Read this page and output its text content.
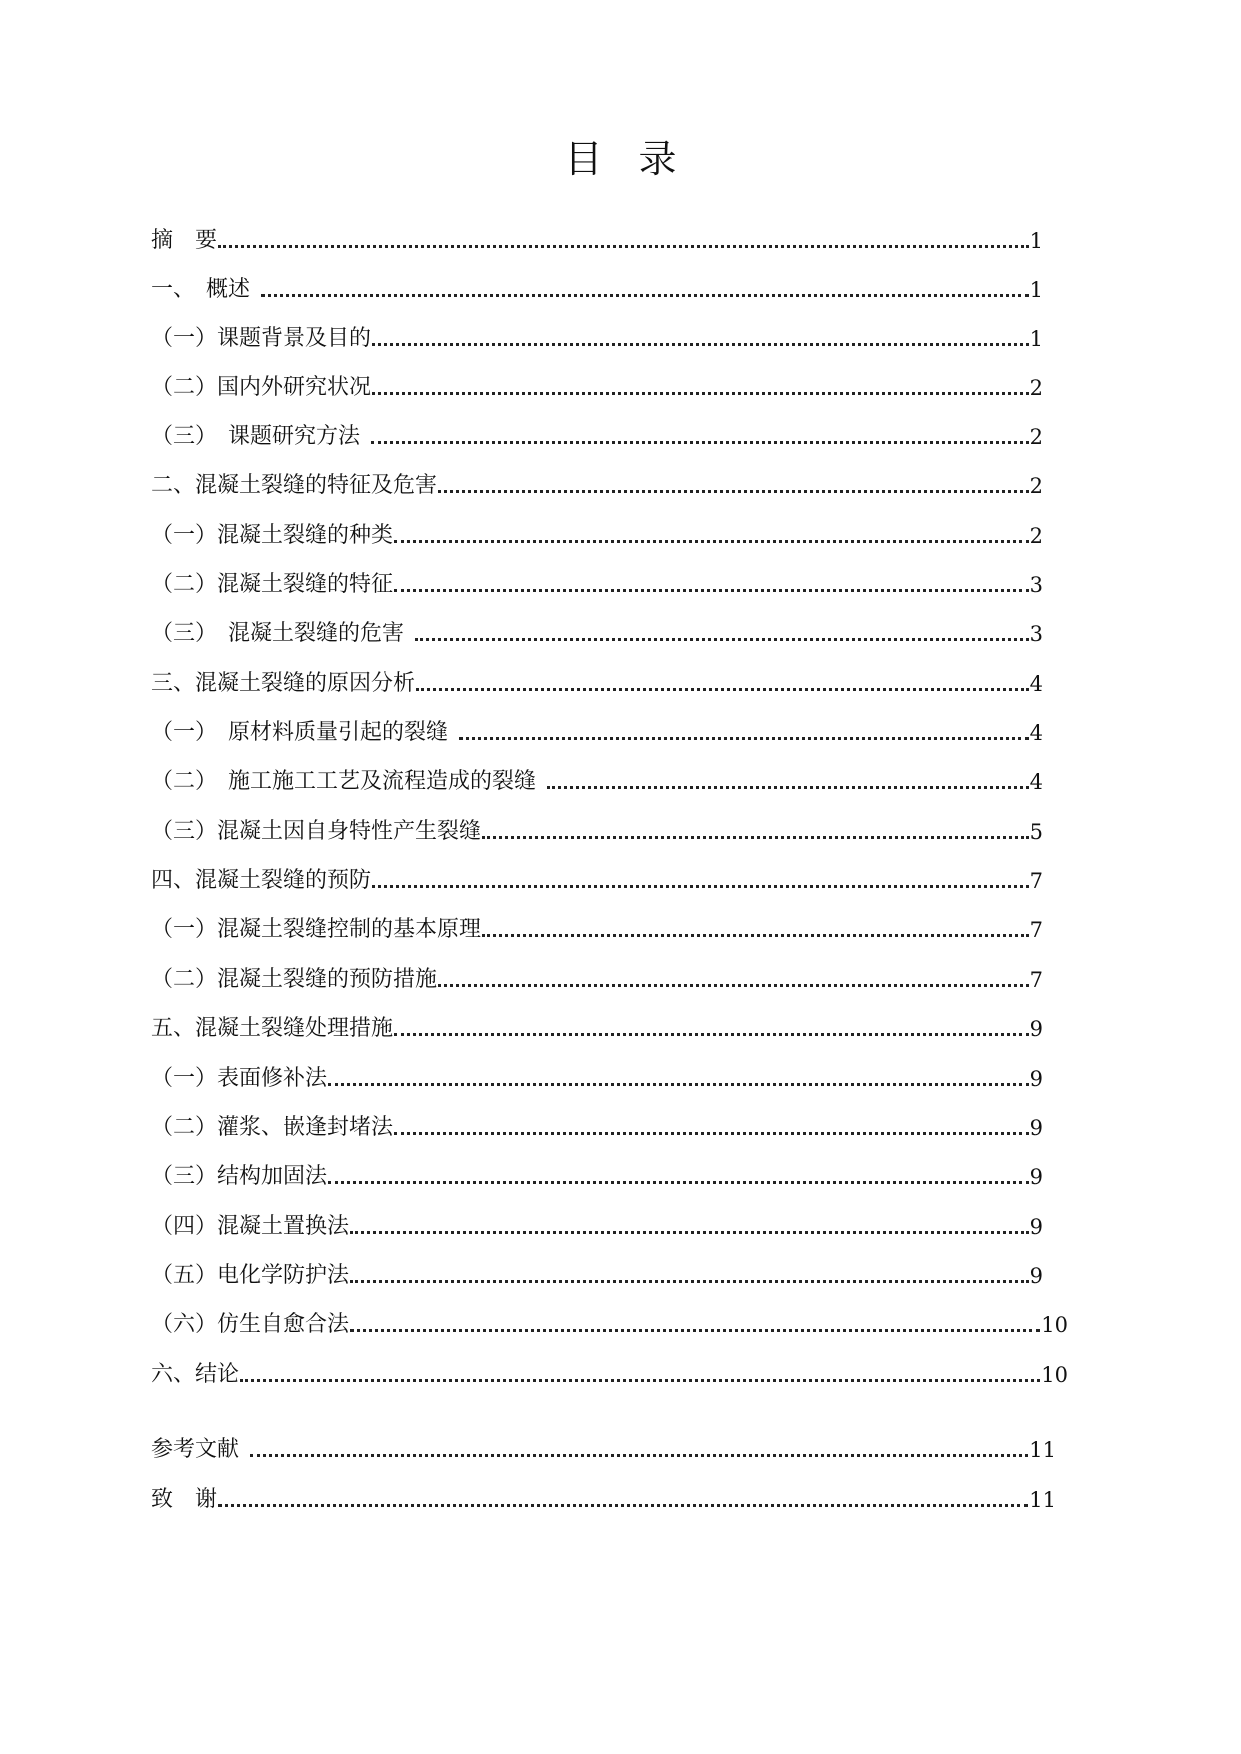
目 录
摘　要	1
一、　概述	1
（一）课题背景及目的	1
（二）国内外研究状况	2
（三）　课题研究方法	2
二、混凝土裂缝的特征及危害	2
（一）混凝土裂缝的种类	2
（二）混凝土裂缝的特征	3
（三）　混凝土裂缝的危害	3
三、混凝土裂缝的原因分析	4
（一）　原材料质量引起的裂缝	4
（二）　施工施工工艺及流程造成的裂缝	4
（三）混凝土因自身特性产生裂缝	5
四、混凝土裂缝的预防	7
（一）混凝土裂缝控制的基本原理	7
（二）混凝土裂缝的预防措施	7
五、混凝土裂缝处理措施	9
（一）表面修补法	9
（二）灌浆、嵌逢封堵法	9
（三）结构加固法	9
（四）混凝土置换法	9
（五）电化学防护法	9
（六）仿生自愈合法	10
六、结论	10
参考文献	11
致　谢	11
